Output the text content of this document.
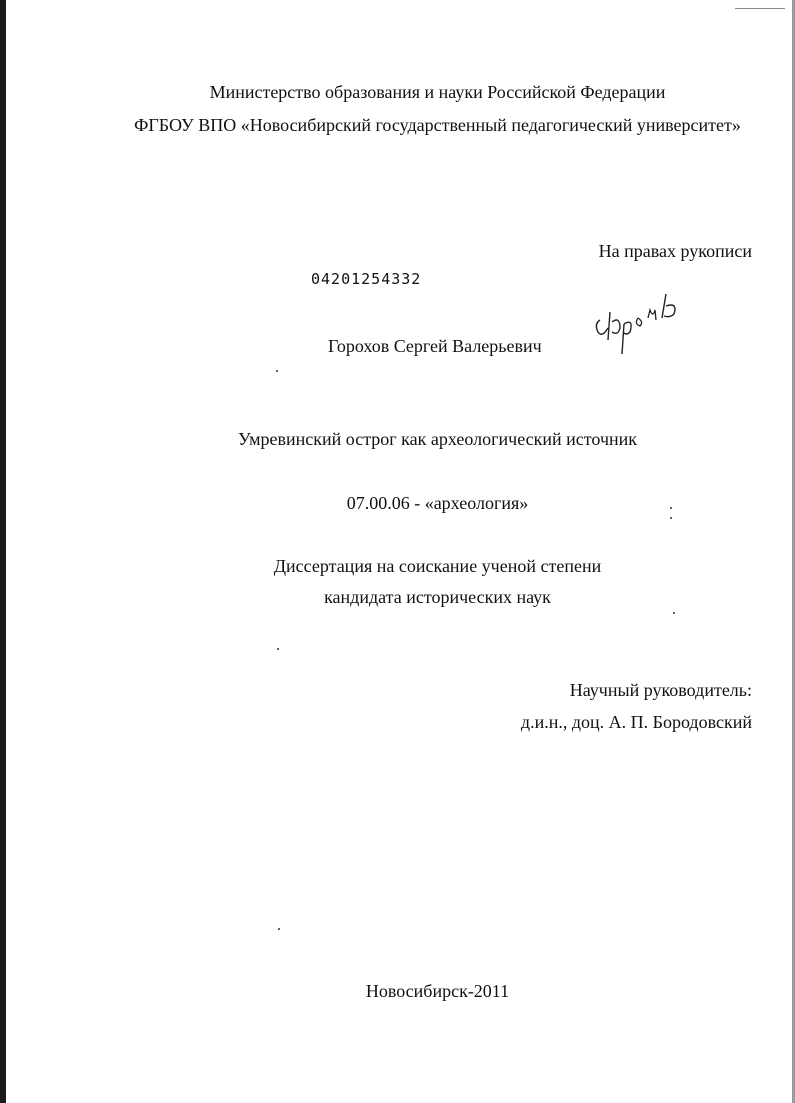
Министерство образования и науки Российской Федерации
ФГБОУ ВПО «Новосибирский государственный педагогический университет»
На правах рукописи
04201254332
Горохов Сергей Валерьевич
Умревинский острог как археологический источник
07.00.06 - «археология»
Диссертация на соискание ученой степени
кандидата исторических наук
Научный руководитель:
д.и.н., доц. А. П. Бородовский
Новосибирск-2011
